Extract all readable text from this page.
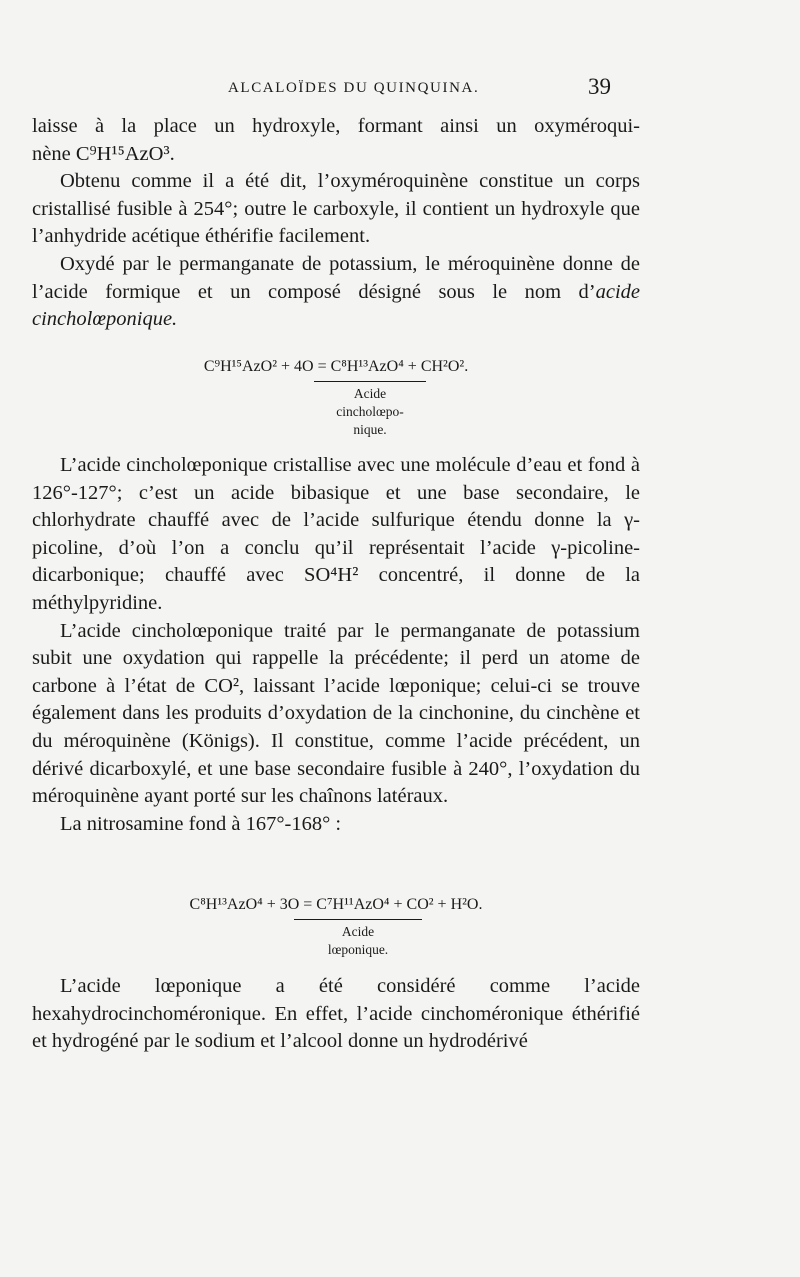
ALCALOÏDES DU QUINQUINA.	39

laisse à la place un hydroxyle, formant ainsi un oxyméroqui-

nène C⁹H¹⁵AzO³.

Obtenu comme il a été dit, l’oxyméroquinène constitue un corps cristallisé fusible à 254°; outre le carboxyle, il contient un hydroxyle que l’anhydride acétique éthérifie facilement.

Oxydé par le permanganate de potassium, le méroquinène donne de l’acide formique et un composé désigné sous le nom d’acide cincholœponique.

C⁹H¹⁵AzO² + 4O = C⁸H¹³AzO⁴ + CH²O².
Acide
cincholœpo-
nique.

L’acide cincholœponique cristallise avec une molécule d’eau et fond à 126°-127°; c’est un acide bibasique et une base secondaire, le chlorhydrate chauffé avec de l’acide sulfurique étendu donne la γ-picoline, d’où l’on a conclu qu’il représentait l’acide γ-picoline-dicarbonique; chauffé avec SO⁴H² concentré, il donne de la méthylpyridine.

L’acide cincholœponique traité par le permanganate de potassium subit une oxydation qui rappelle la précédente; il perd un atome de carbone à l’état de CO², laissant l’acide lœponique; celui-ci se trouve également dans les produits d’oxydation de la cinchonine, du cinchène et du méroquinène (Königs). Il constitue, comme l’acide précédent, un dérivé dicarboxylé, et une base secondaire fusible à 240°, l’oxydation du méroquinène ayant porté sur les chaînons latéraux.

La nitrosamine fond à 167°-168° :

C⁸H¹³AzO⁴ + 3O = C⁷H¹¹AzO⁴ + CO² + H²O.
Acide
lœponique.

L’acide lœponique a été considéré comme l’acide hexahydrocinchoméronique. En effet, l’acide cinchoméronique éthérifié et hydrogéné par le sodium et l’alcool donne un hydrodérivé
